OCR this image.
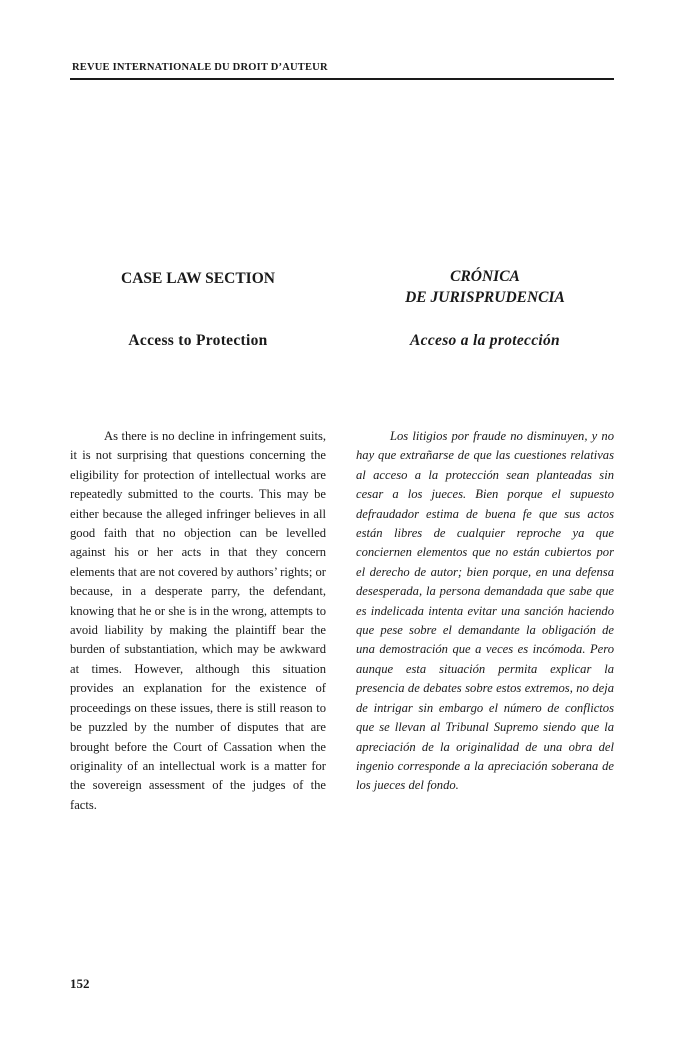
REVUE INTERNATIONALE DU DROIT D’AUTEUR
CASE LAW SECTION	CRÓNICA
DE JURISPRUDENCIA
Access to Protection	Acceso a la protección

As there is no decline in infringement suits, it is not surprising that questions concerning the eligibility for protection of intellectual works are repeatedly submitted to the courts. This may be either because the alleged infringer believes in all good faith that no objection can be levelled against his or her acts in that they concern elements that are not covered by authors’ rights; or because, in a desperate parry, the defendant, knowing that he or she is in the wrong, attempts to avoid liability by making the plaintiff bear the burden of substantiation, which may be awkward at times. However, although this situation provides an explanation for the existence of proceedings on these issues, there is still reason to be puzzled by the number of disputes that are brought before the Court of Cassation when the originality of an intellectual work is a matter for the sovereign assessment of the judges of the facts.

Los litigios por fraude no disminuyen, y no hay que extrañarse de que las cuestiones relativas al acceso a la protección sean planteadas sin cesar a los jueces. Bien porque el supuesto defraudador estima de buena fe que sus actos están libres de cualquier reproche ya que conciernen elementos que no están cubiertos por el derecho de autor; bien porque, en una defensa desesperada, la persona demandada que sabe que es indelicada intenta evitar una sanción haciendo que pese sobre el demandante la obligación de una demostración que a veces es incómoda. Pero aunque esta situación permita explicar la presencia de debates sobre estos extremos, no deja de intrigar sin embargo el número de conflictos que se llevan al Tribunal Supremo siendo que la apreciación de la originalidad de una obra del ingenio corresponde a la apreciación soberana de los jueces del fondo.

152
